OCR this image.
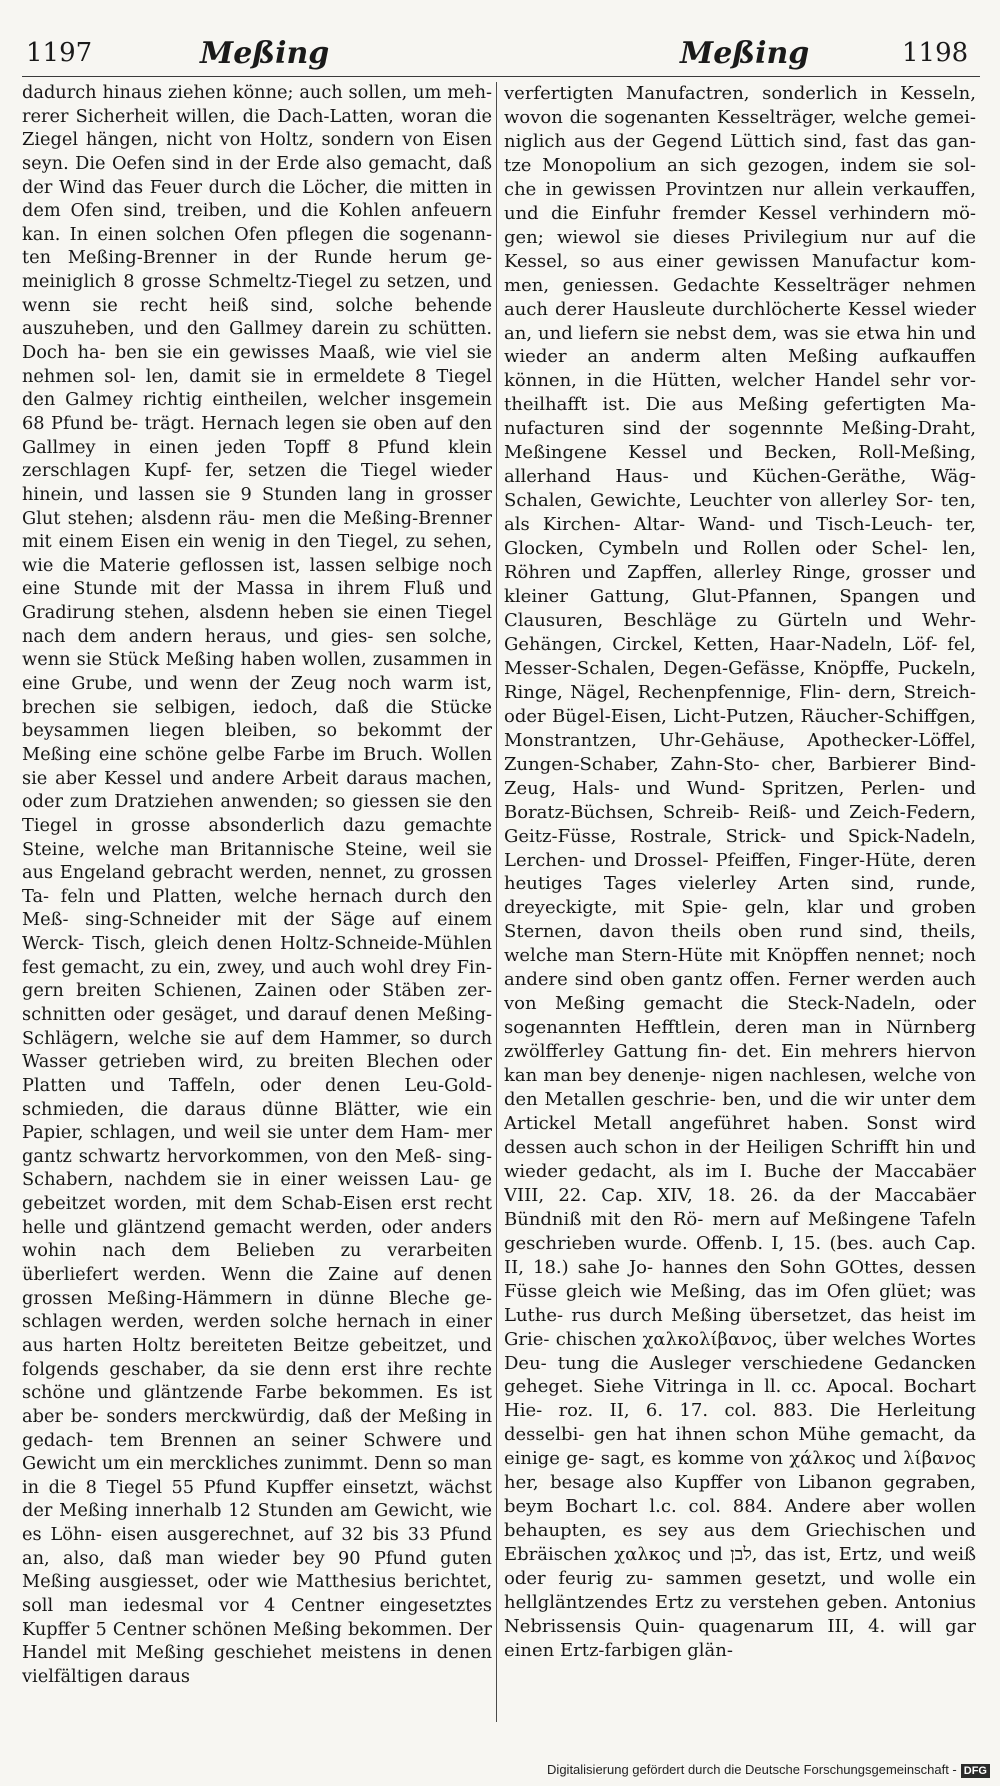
1197	Meßing	Meßing	1198

dadurch hinaus ziehen könne; auch sollen, um meh- rerer Sicherheit willen, die Dach-Latten, woran die Ziegel hängen, nicht von Holtz, sondern von Eisen seyn. Die Oefen sind in der Erde also gemacht, daß der Wind das Feuer durch die Löcher, die mitten in dem Ofen sind, treiben, und die Kohlen anfeuern kan. In einen solchen Ofen pflegen die sogenann- ten Meßing-Brenner in der Runde herum ge- meiniglich 8 grosse Schmeltz-Tiegel zu setzen, und wenn sie recht heiß sind, solche behende auszuheben, und den Gallmey darein zu schütten. Doch ha- ben sie ein gewisses Maaß, wie viel sie nehmen sol- len, damit sie in ermeldete 8 Tiegel den Galmey richtig eintheilen, welcher insgemein 68 Pfund be- trägt. Hernach legen sie oben auf den Gallmey in einen jeden Topff 8 Pfund klein zerschlagen Kupf- fer, setzen die Tiegel wieder hinein, und lassen sie 9 Stunden lang in grosser Glut stehen; alsdenn räu- men die Meßing-Brenner mit einem Eisen ein wenig in den Tiegel, zu sehen, wie die Materie geflossen ist, lassen selbige noch eine Stunde mit der Massa in ihrem Fluß und Gradirung stehen, alsdenn heben sie einen Tiegel nach dem andern heraus, und gies- sen solche, wenn sie Stück Meßing haben wollen, zusammen in eine Grube, und wenn der Zeug noch warm ist, brechen sie selbigen, iedoch, daß die Stücke beysammen liegen bleiben, so bekommt der Meßing eine schöne gelbe Farbe im Bruch. Wollen sie aber Kessel und andere Arbeit daraus machen, oder zum Dratziehen anwenden; so giessen sie den Tiegel in grosse absonderlich dazu gemachte Steine, welche man Britannische Steine, weil sie aus Engeland gebracht werden, nennet, zu grossen Ta- feln und Platten, welche hernach durch den Meß- sing-Schneider mit der Säge auf einem Werck- Tisch, gleich denen Holtz-Schneide-Mühlen fest gemacht, zu ein, zwey, und auch wohl drey Fin- gern breiten Schienen, Zainen oder Stäben zer- schnitten oder gesäget, und darauf denen Meßing- Schlägern, welche sie auf dem Hammer, so durch Wasser getrieben wird, zu breiten Blechen oder Platten und Taffeln, oder denen Leu-Gold- schmieden, die daraus dünne Blätter, wie ein Papier, schlagen, und weil sie unter dem Ham- mer gantz schwartz hervorkommen, von den Meß- sing-Schabern, nachdem sie in einer weissen Lau- ge gebeitzet worden, mit dem Schab-Eisen erst recht helle und gläntzend gemacht werden, oder anders wohin nach dem Belieben zu verarbeiten überliefert werden. Wenn die Zaine auf denen grossen Meßing-Hämmern in dünne Bleche ge- schlagen werden, werden solche hernach in einer aus harten Holtz bereiteten Beitze gebeitzet, und folgends geschaber, da sie denn erst ihre rechte schöne und gläntzende Farbe bekommen. Es ist aber be- sonders merckwürdig, daß der Meßing in gedach- tem Brennen an seiner Schwere und Gewicht um ein merckliches zunimmt. Denn so man in die 8 Tiegel 55 Pfund Kupffer einsetzt, wächst der Meßing innerhalb 12 Stunden am Gewicht, wie es Löhn- eisen ausgerechnet, auf 32 bis 33 Pfund an, also, daß man wieder bey 90 Pfund guten Meßing ausgiesset, oder wie Matthesius berichtet, soll man iedesmal vor 4 Centner eingesetztes Kupffer 5 Centner schönen Meßing bekommen. Der Handel mit Meßing geschiehet meistens in denen vielfältigen daraus

verfertigten Manufactren, sonderlich in Kesseln, wovon die sogenanten Kesselträger, welche gemei- niglich aus der Gegend Lüttich sind, fast das gan- tze Monopolium an sich gezogen, indem sie sol- che in gewissen Provintzen nur allein verkauffen, und die Einfuhr fremder Kessel verhindern mö- gen; wiewol sie dieses Privilegium nur auf die Kessel, so aus einer gewissen Manufactur kom- men, geniessen. Gedachte Kesselträger nehmen auch derer Hausleute durchlöcherte Kessel wieder an, und liefern sie nebst dem, was sie etwa hin und wieder an anderm alten Meßing aufkauffen können, in die Hütten, welcher Handel sehr vor- theilhafft ist. Die aus Meßing gefertigten Ma- nufacturen sind der sogennnte Meßing-Draht, Meßingene Kessel und Becken, Roll-Meßing, allerhand Haus- und Küchen-Geräthe, Wäg- Schalen, Gewichte, Leuchter von allerley Sor- ten, als Kirchen- Altar- Wand- und Tisch-Leuch- ter, Glocken, Cymbeln und Rollen oder Schel- len, Röhren und Zapffen, allerley Ringe, grosser und kleiner Gattung, Glut-Pfannen, Spangen und Clausuren, Beschläge zu Gürteln und Wehr- Gehängen, Circkel, Ketten, Haar-Nadeln, Löf- fel, Messer-Schalen, Degen-Gefässe, Knöpffe, Puckeln, Ringe, Nägel, Rechenpfennige, Flin- dern, Streich- oder Bügel-Eisen, Licht-Putzen, Räucher-Schiffgen, Monstrantzen, Uhr-Gehäuse, Apothecker-Löffel, Zungen-Schaber, Zahn-Sto- cher, Barbierer Bind-Zeug, Hals- und Wund- Spritzen, Perlen- und Boratz-Büchsen, Schreib- Reiß- und Zeich-Federn, Geitz-Füsse, Rostrale, Strick- und Spick-Nadeln, Lerchen- und Drossel- Pfeiffen, Finger-Hüte, deren heutiges Tages vielerley Arten sind, runde, dreyeckigte, mit Spie- geln, klar und groben Sternen, davon theils oben rund sind, theils, welche man Stern-Hüte mit Knöpffen nennet; noch andere sind oben gantz offen. Ferner werden auch von Meßing gemacht die Steck-Nadeln, oder sogenannten Hefftlein, deren man in Nürnberg zwölfferley Gattung fin- det. Ein mehrers hiervon kan man bey denenje- nigen nachlesen, welche von den Metallen geschrie- ben, und die wir unter dem Artickel Metall angeführet haben. Sonst wird dessen auch schon in der Heiligen Schrifft hin und wieder gedacht, als im I. Buche der Maccabäer VIII, 22. Cap. XIV, 18. 26. da der Maccabäer Bündniß mit den Rö- mern auf Meßingene Tafeln geschrieben wurde. Offenb. I, 15. (bes. auch Cap. II, 18.) sahe Jo- hannes den Sohn GOttes, dessen Füsse gleich wie Meßing, das im Ofen glüet; was Luthe- rus durch Meßing übersetzet, das heist im Grie- chischen χαλκολίβανος, über welches Wortes Deu- tung die Ausleger verschiedene Gedancken geheget. Siehe Vitringa in ll. cc. Apocal. Bochart Hie- roz. II, 6. 17. col. 883. Die Herleitung desselbi- gen hat ihnen schon Mühe gemacht, da einige ge- sagt, es komme von χάλκος und λίβανος her, besage also Kupffer von Libanon gegraben, beym Bochart l.c. col. 884. Andere aber wollen behaupten, es sey aus dem Griechischen und Ebräischen χαλκος und לבן, das ist, Ertz, und weiß oder feurig zu- sammen gesetzt, und wolle ein hellgläntzendes Ertz zu verstehen geben. Antonius Nebrissensis Quin- quagenarum III, 4. will gar einen Ertz-farbigen glän-

Digitalisierung gefördert durch die Deutsche Forschungsgemeinschaft - DFG
